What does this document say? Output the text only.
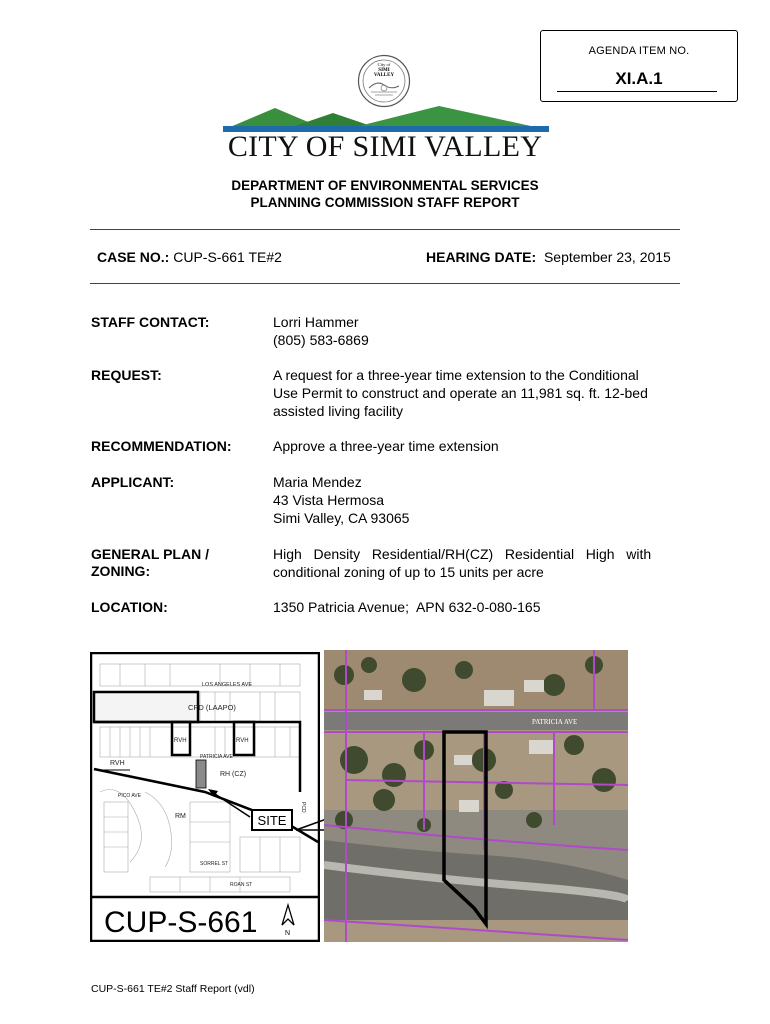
AGENDA ITEM NO.
XI.A.1
City of
SIMI
VALLEY
CITY OF SIMI VALLEY
DEPARTMENT OF ENVIRONMENTAL SERVICES
PLANNING COMMISSION STAFF REPORT
CASE NO.: CUP-S-661 TE#2	HEARING DATE: September 23, 2015
STAFF CONTACT:	Lorri Hammer
(805) 583-6869
REQUEST:	A request for a three-year time extension to the Conditional
Use Permit to construct and operate an 11,981 sq. ft. 12-bed
assisted living facility
RECOMMENDATION:	Approve a three-year time extension
APPLICANT:	Maria Mendez
43 Vista Hermosa
Simi Valley, CA 93065
GENERAL PLAN /
ZONING:
High   Density   Residential/RH(CZ)   Residential   High   with
conditional zoning of up to 15 units per acre
LOCATION:	1350 Patricia Avenue;  APN 632-0-080-165
SITE
LOS ANGELES AVE
CPD (LAAPO)
RVH	RVH
PATRICIA AVE
RVH
RH (CZ)
RM
PICO AVE
SORREL ST
ROAN ST
PCD
CUP-S-661	N
PATRICIA AVE
CUP-S-661 TE#2 Staff Report (vdl)
